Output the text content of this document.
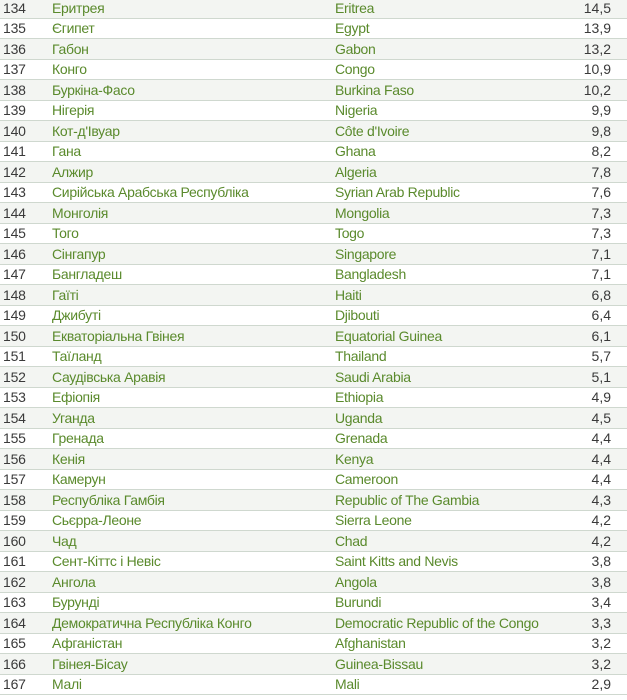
134	Еритрея	Eritrea	14,5
135	Єгипет	Egypt	13,9
136	Габон	Gabon	13,2
137	Конго	Congo	10,9
138	Буркіна-Фасо	Burkina Faso	10,2
139	Нігерія	Nigeria	9,9
140	Кот-д'Івуар	Côte d'Ivoire	9,8
141	Гана	Ghana	8,2
142	Алжир	Algeria	7,8
143	Сирійська Арабська Республіка	Syrian Arab Republic	7,6
144	Монголія	Mongolia	7,3
145	Того	Togo	7,3
146	Сінгапур	Singapore	7,1
147	Бангладеш	Bangladesh	7,1
148	Гаїті	Haiti	6,8
149	Джибуті	Djibouti	6,4
150	Екваторіальна Гвінея	Equatorial Guinea	6,1
151	Таїланд	Thailand	5,7
152	Саудівська Аравія	Saudi Arabia	5,1
153	Ефіопія	Ethiopia	4,9
154	Уганда	Uganda	4,5
155	Гренада	Grenada	4,4
156	Кенія	Kenya	4,4
157	Камерун	Cameroon	4,4
158	Республіка Гамбія	Republic of The Gambia	4,3
159	Сьєрра-Леоне	Sierra Leone	4,2
160	Чад	Chad	4,2
161	Сент-Кіттс і Невіс	Saint Kitts and Nevis	3,8
162	Ангола	Angola	3,8
163	Бурунді	Burundi	3,4
164	Демократична Республіка Конго	Democratic Republic of the Congo	3,3
165	Афганістан	Afghanistan	3,2
166	Гвінея-Бісау	Guinea-Bissau	3,2
167	Малі	Mali	2,9
